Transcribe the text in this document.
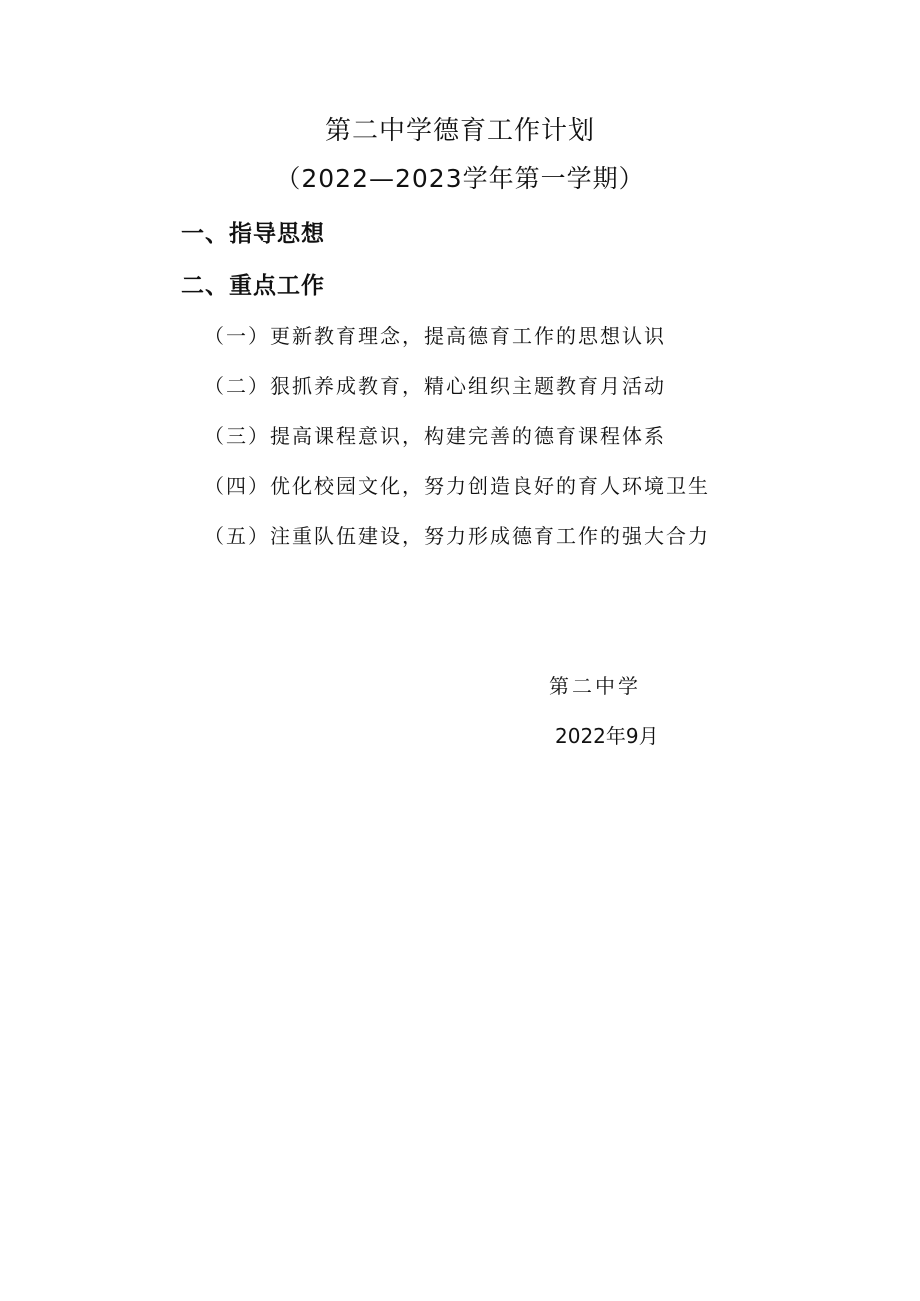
第二中学德育工作计划
（2022—2023学年第一学期）
一、指导思想
二、重点工作
（一）更新教育理念，提高德育工作的思想认识
（二）狠抓养成教育，精心组织主题教育月活动
（三）提高课程意识，构建完善的德育课程体系
（四）优化校园文化，努力创造良好的育人环境卫生
（五）注重队伍建设，努力形成德育工作的强大合力
第二中学
2022年9月
